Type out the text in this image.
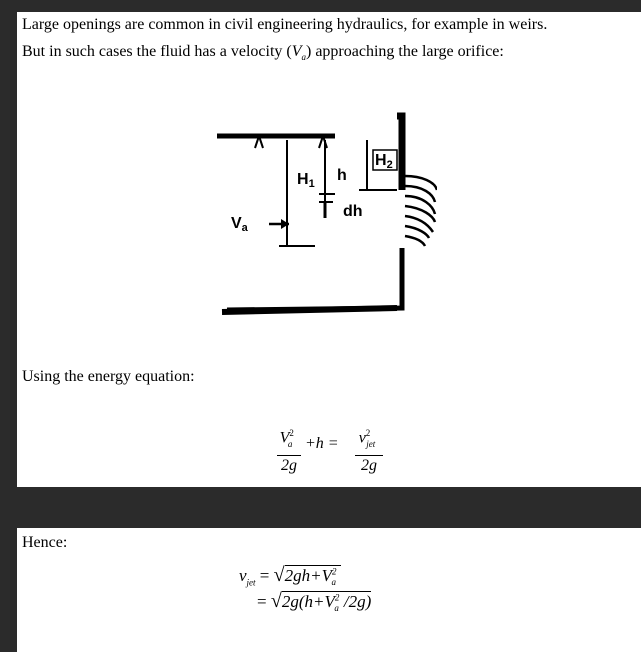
Large openings are common in civil engineering hydraulics, for example in weirs.
But in such cases the fluid has a velocity $(V_a)$ approaching the large orifice:
H1
H2
h
dh
Va
Using the energy equation:
$V^2_a$
2g
$+h = v^2_{jet}$
2g
Hence:
$v_{jet} = √2gh+V^2_a$
= $√2g(h+V^2_a$ /2g)
